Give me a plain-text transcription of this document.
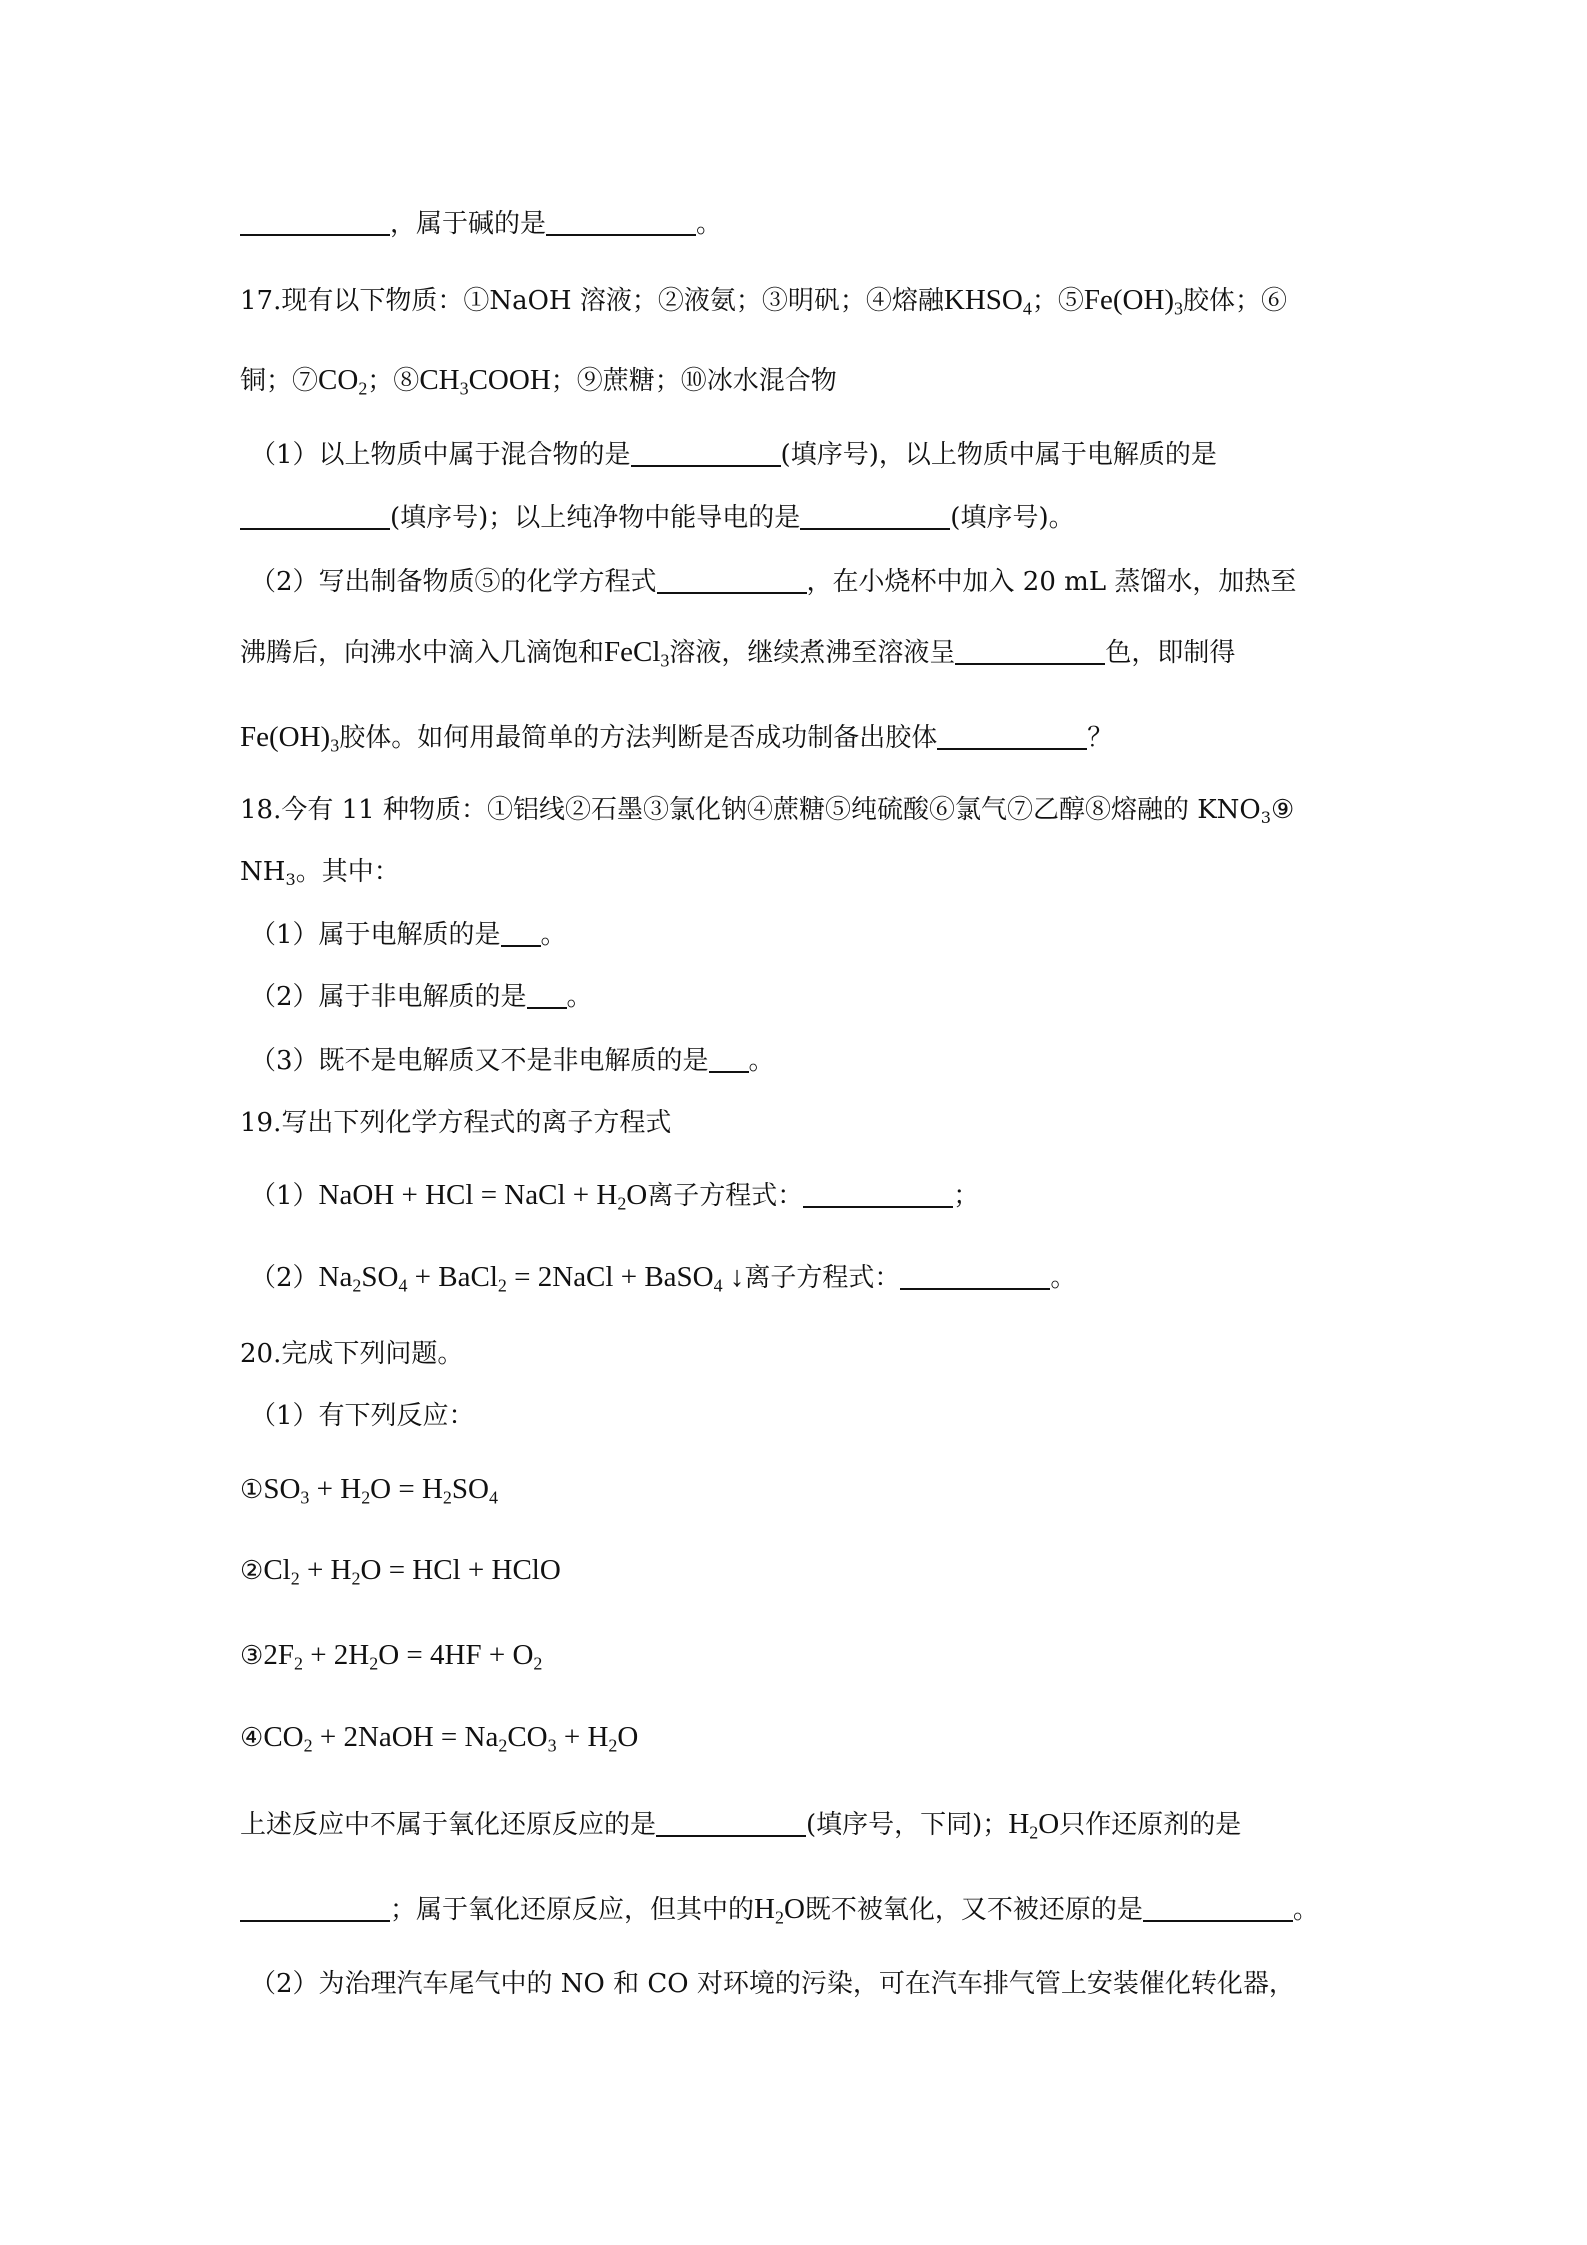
，属于碱的是	。
17.现有以下物质：①NaOH 溶液；②液氨；③明矾；④熔融$KHSO_4$；$⑤Fe(OH)_3$胶体；⑥
铜；$⑦CO_2$；$⑧CH_3COOH$；⑨蔗糖；⑩冰水混合物
（1）以上物质中属于混合物的是	(填序号)，以上物质中属于电解质的是
(填序号)；以上纯净物中能导电的是	(填序号)。
（2）写出制备物质⑤的化学方程式	，在小烧杯中加入 20 mL 蒸馏水，加热至
沸腾后，向沸水中滴入几滴饱和FeCl$_3$溶液，继续煮沸至溶液呈	色，即制得
$Fe(OH)_3$胶体。如何用最简单的方法判断是否成功制备出胶体	？
18.今有 11 种物质：①铝线②石墨③氯化钠④蔗糖⑤纯硫酸⑥氯气⑦乙醇⑧熔融的 $KNO_3⑨$
$NH_3$。其中：
（1）属于电解质的是 。
（2）属于非电解质的是 。
（3）既不是电解质又不是非电解质的是 。
19.写出下列化学方程式的离子方程式
（1）NaOH + HCl = NaCl + $H_2O$离子方程式：	；
$(2)Na_2SO_4$ + BaCl$_2$ = 2NaCl + BaSO$_4$ ↓离子方程式：	。
20.完成下列问题。
（1）有下列反应：
$①SO_3 + H_2O = H_2SO_4$
$②Cl_2 + H_2O$ = HCl + HClO
$③2F_2 + 2H_2O = 4HF + O_2$
$④CO_2$ + 2NaOH = $Na_2CO_3 + H_2O$
上述反应中不属于氧化还原反应的是	(填序号，下同)；$H_2O$只作还原剂的是
；属于氧化还原反应，但其中的$H_2O$既不被氧化，又不被还原的是	。
（2）为治理汽车尾气中的 NO 和 CO 对环境的污染，可在汽车排气管上安装催化转化器，
